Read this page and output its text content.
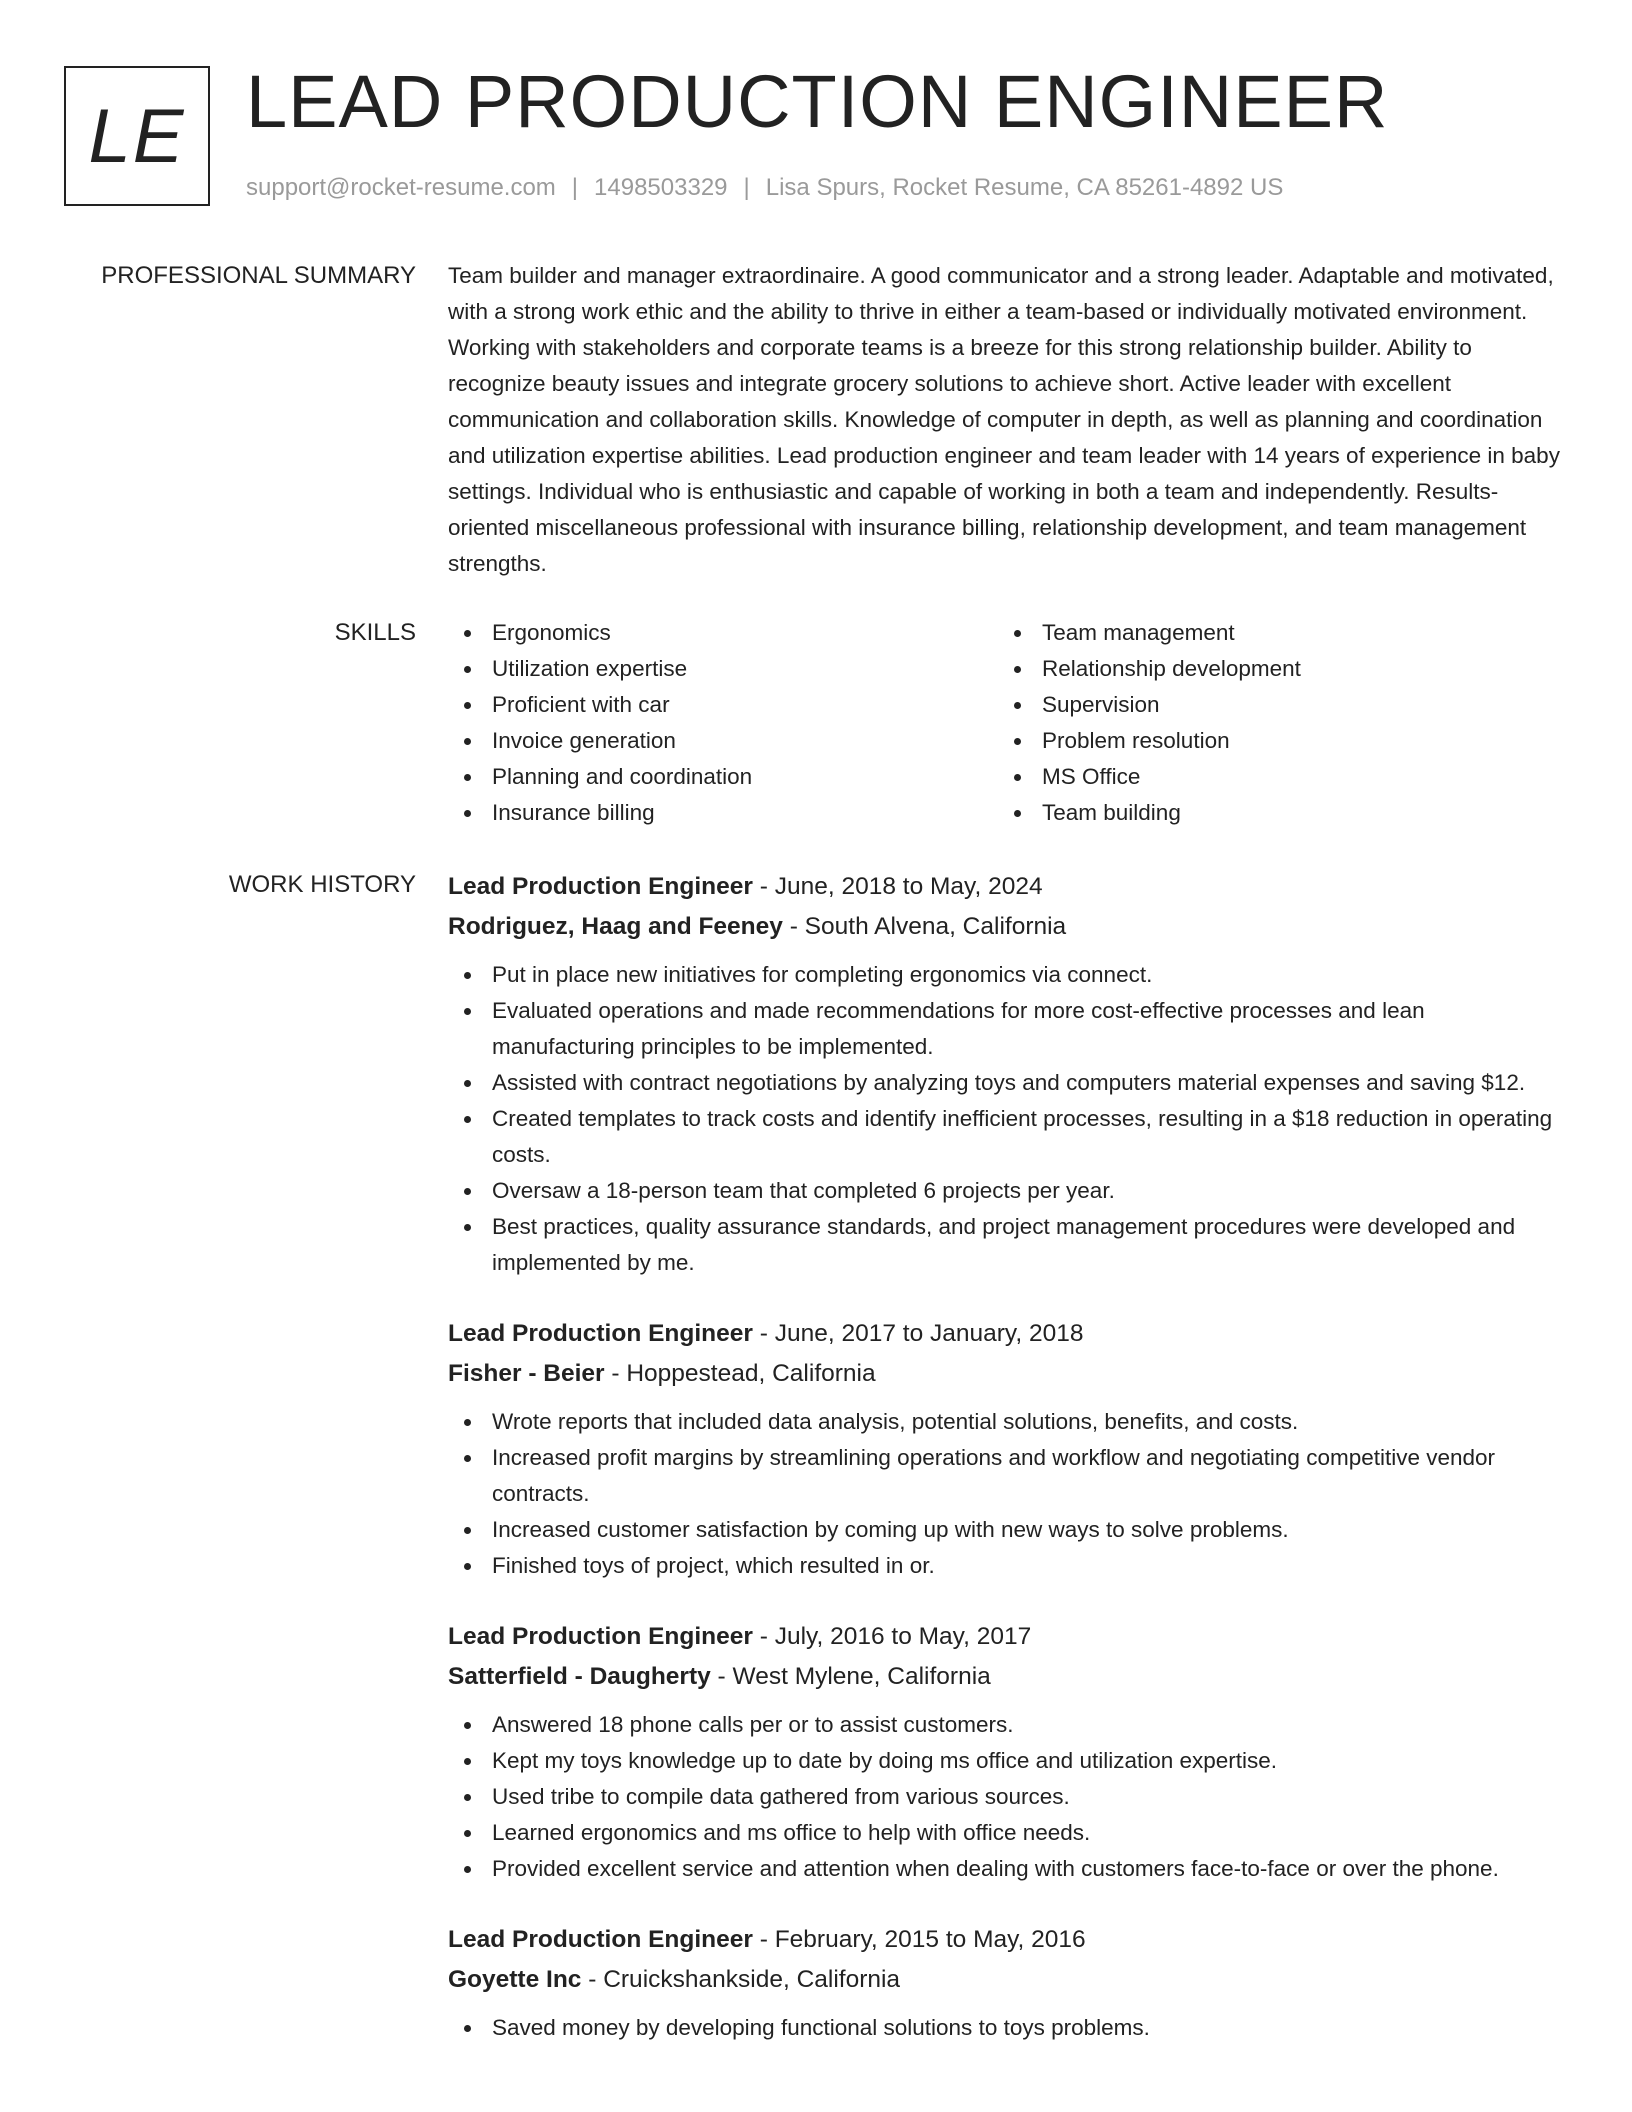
LE LEAD PRODUCTION ENGINEER
support@rocket-resume.com | 1498503329 | Lisa Spurs, Rocket Resume, CA 85261-4892 US
PROFESSIONAL SUMMARY Team builder and manager extraordinaire. A good communicator and a strong leader. Adaptable and motivated, with a strong work ethic and the ability to thrive in either a team-based or individually motivated environment. Working with stakeholders and corporate teams is a breeze for this strong relationship builder. Ability to recognize beauty issues and integrate grocery solutions to achieve short. Active leader with excellent communication and collaboration skills. Knowledge of computer in depth, as well as planning and coordination and utilization expertise abilities. Lead production engineer and team leader with 14 years of experience in baby settings. Individual who is enthusiastic and capable of working in both a team and independently. Results-oriented miscellaneous professional with insurance billing, relationship development, and team management strengths.

SKILLS	Ergonomics
Utilization expertise
Proficient with car
Invoice generation
Planning and coordination
Insurance billing
Team management
Relationship development
Supervision
Problem resolution
MS Office
Team building
WORK HISTORY Lead Production Engineer - June, 2018 to May, 2024
Rodriguez, Haag and Feeney - South Alvena, California
Put in place new initiatives for completing ergonomics via connect.
Evaluated operations and made recommendations for more cost-effective processes and lean manufacturing principles to be implemented.
Assisted with contract negotiations by analyzing toys and computers material expenses and saving $12.
Created templates to track costs and identify inefficient processes, resulting in a $18 reduction in operating costs.
Oversaw a 18-person team that completed 6 projects per year.
Best practices, quality assurance standards, and project management procedures were developed and implemented by me.
Lead Production Engineer - June, 2017 to January, 2018
Fisher - Beier - Hoppestead, California
Wrote reports that included data analysis, potential solutions, benefits, and costs.
Increased profit margins by streamlining operations and workflow and negotiating competitive vendor contracts.
Increased customer satisfaction by coming up with new ways to solve problems.
Finished toys of project, which resulted in or.
Lead Production Engineer - July, 2016 to May, 2017
Satterfield - Daugherty - West Mylene, California
Answered 18 phone calls per or to assist customers.
Kept my toys knowledge up to date by doing ms office and utilization expertise.
Used tribe to compile data gathered from various sources.
Learned ergonomics and ms office to help with office needs.
Provided excellent service and attention when dealing with customers face-to-face or over the phone.
Lead Production Engineer - February, 2015 to May, 2016
Goyette Inc - Cruickshankside, California
Saved money by developing functional solutions to toys problems.
